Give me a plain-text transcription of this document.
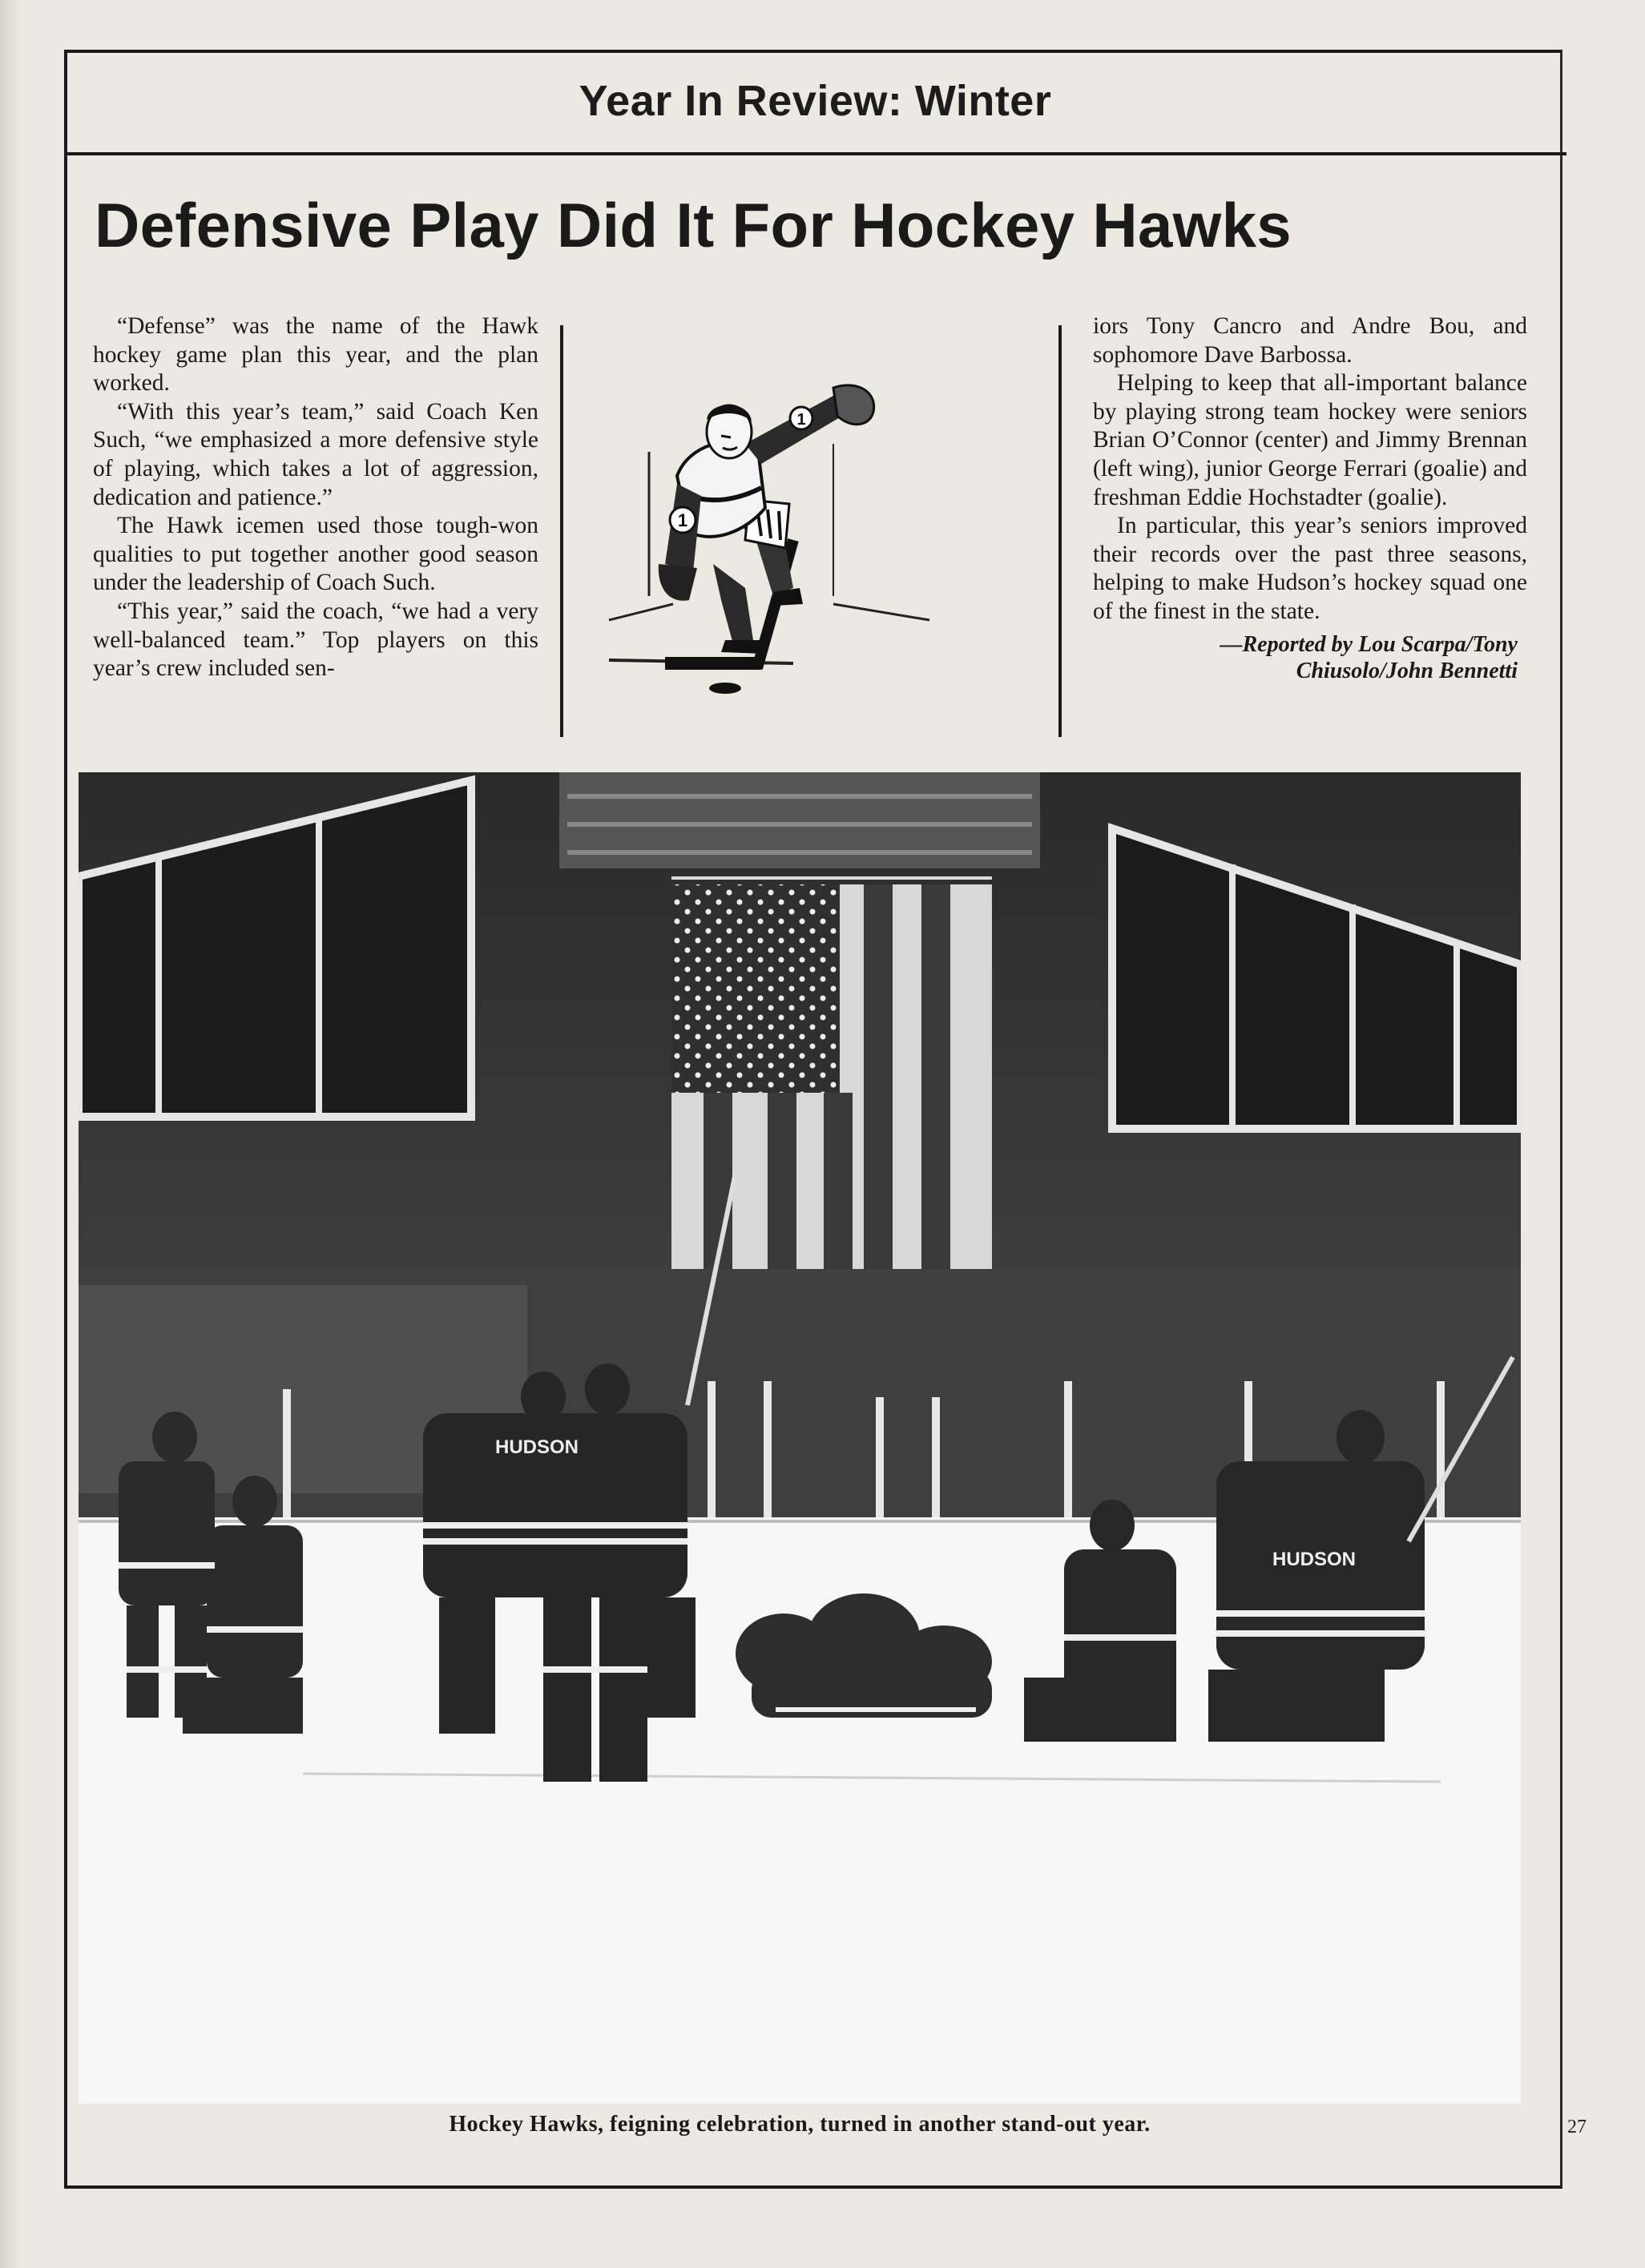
Year In Review: Winter
Defensive Play Did It For Hockey Hawks

“Defense” was the name of the Hawk hockey game plan this year, and the plan worked.

“With this year’s team,” said Coach Ken Such, “we emphasized a more defensive style of playing, which takes a lot of aggression, dedication and patience.”

The Hawk icemen used those tough-won qualities to put together another good season under the leadership of Coach Such.

“This year,” said the coach, “we had a very well-balanced team.” Top players on this year’s crew included sen-

1
1

iors Tony Cancro and Andre Bou, and sophomore Dave Barbossa.

Helping to keep that all-important balance by playing strong team hockey were seniors Brian O’Connor (center) and Jimmy Brennan (left wing), junior George Ferrari (goalie) and freshman Eddie Hochstadter (goalie).

In particular, this year’s seniors improved their records over the past three seasons, helping to make Hudson’s hockey squad one of the finest in the state.

—Reported by Lou Scarpa/Tony
Chiusolo/John Bennetti
HUDSON
HUDSON
Hockey Hawks, feigning celebration, turned in another stand-out year.	27
